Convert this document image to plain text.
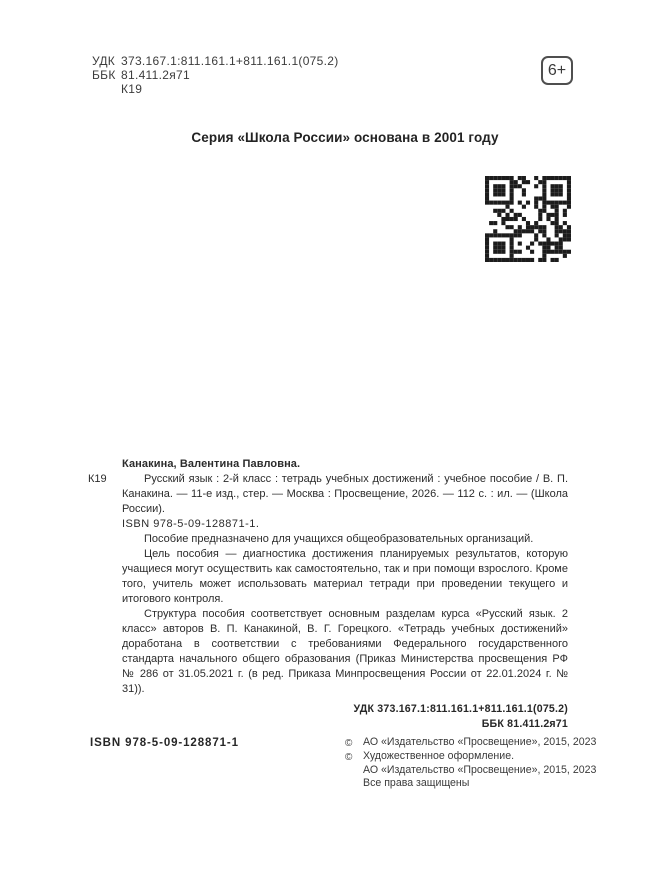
УДК 373.167.1:811.161.1+811.161.1(075.2)
ББК 81.411.2я71
К19
6+
Серия «Школа России» основана в 2001 году

Канакина, Валентина Павловна.

К19	Русский язык : 2-й класс : тетрадь учебных достижений : учебное пособие / В. П. Канакина. — 11-е изд., стер. — Москва : Просвещение, 2026. — 112 с. : ил. — (Школа России).

ISBN 978-5-09-128871-1.

Пособие предназначено для учащихся общеобразовательных организаций.

Цель пособия — диагностика достижения планируемых результатов, которую учащиеся могут осуществить как самостоятельно, так и при помощи взрослого. Кроме того, учитель может использовать материал тетради при проведении текущего и итогового контроля.

Структура пособия соответствует основным разделам курса «Русский язык. 2 класс» авторов В. П. Канакиной, В. Г. Горецкого. «Тетрадь учебных достижений» доработана в соответствии с требованиями Федерального государственного стандарта начального общего образования (Приказ Министерства просвещения РФ № 286 от 31.05.2021 г. (в ред. Приказа Минпросвещения России от 22.01.2024 г. № 31)).

УДК 373.167.1:811.161.1+811.161.1(075.2)
ББК 81.411.2я71
ISBN 978-5-09-128871-1	©	АО «Издательство «Просвещение», 2015, 2023
©	Художественное оформление.
АО «Издательство «Просвещение», 2015, 2023
Все права защищены
